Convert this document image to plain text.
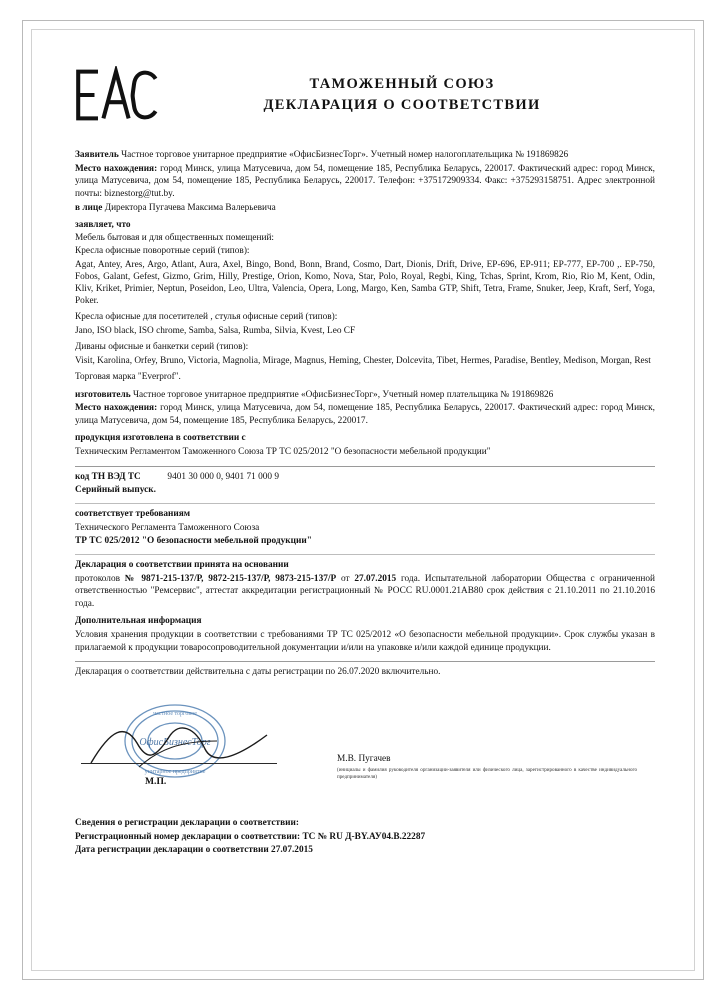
ТАМОЖЕННЫЙ СОЮЗ
ДЕКЛАРАЦИЯ О СООТВЕТСТВИИ
Заявитель Частное торговое унитарное предприятие «ОфисБизнесТорг». Учетный номер налогоплательщика № 191869826
Место нахождения: город Минск, улица Матусевича, дом 54, помещение 185, Республика Беларусь, 220017. Фактический адрес: город Минск, улица Матусевича, дом 54, помещение 185, Республика Беларусь, 220017. Телефон: +375172909334. Факс: +375293158751. Адрес электронной почты: biznestorg@tut.by.
в лице Директора Пугачева Максима Валерьевича
заявляет, что
Мебель бытовая и для общественных помещений:
Кресла офисные поворотные серий (типов):
Agat, Antey, Ares, Argo, Atlant, Aura, Axel, Bingo, Bond, Bonn, Brand, Cosmo, Dart, Dionis, Drift, Drive, EP-696, EP-911; EP-777, EP-700 ,. EP-750, Fobos, Galant, Gefest, Gizmo, Grim, Hilly, Prestige, Orion, Komo, Nova, Star, Polo, Royal, Regbi, King, Tchas, Sprint, Krom, Rio, Rio M, Kent, Odin, Kliv, Kriket, Primier, Neptun, Poseidon, Leo, Ultra, Valencia, Opera, Long, Margo, Ken, Samba GTP, Shift, Tetra, Frame, Snuker, Jeep, Kraft, Serf, Yoga, Poker.
Кресла офисные для посетителей , стулья офисные серий (типов):
Jano, ISO black, ISO chrome, Samba, Salsa, Rumba, Silvia, Kvest, Leo CF
Диваны офисные и банкетки серий (типов):
Visit, Karolina, Orfey, Bruno, Victoria, Magnolia, Mirage, Magnus, Heming, Chester, Dolcevita, Tibet, Hermes, Paradise, Bentley, Medison, Morgan, Rest
Торговая марка "Everprof".
изготовитель Частное торговое унитарное предприятие «ОфисБизнесТорг», Учетный номер плательщика № 191869826
Место нахождения: город Минск, улица Матусевича, дом 54, помещение 185, Республика Беларусь, 220017. Фактический адрес: город Минск, улица Матусевича, дом 54, помещение 185, Республика Беларусь, 220017.
продукция изготовлена в соответствии с
Техническим Регламентом Таможенного Союза ТР ТС 025/2012 "О безопасности мебельной продукции"
код ТН ВЭД ТС	9401 30 000 0, 9401 71 000 9
Серийный выпуск.
соответствует требованиям
Технического Регламента Таможенного Союза
ТР ТС 025/2012 "О безопасности мебельной продукции"
Декларация о соответствии принята на основании
протоколов № 9871-215-137/Р, 9872-215-137/Р, 9873-215-137/Р от 27.07.2015 года. Испытательной лаборатории Общества с ограниченной ответственностью "Ремсервис", аттестат аккредитации регистрационный № РОСС RU.0001.21АВ80 срок действия с 21.10.2011 по 21.10.2016 года.
Дополнительная информация
Условия хранения продукции в соответствии с требованиями ТР ТС 025/2012 «О безопасности мебельной продукции». Срок службы указан в прилагаемой к продукции товаросопроводительной документации и/или на упаковке и/или каждой единице продукции.
Декларация о соответствии действительна с даты регистрации по 26.07.2020 включительно.
частное торговое
ОфисБизнесТорг
унитарное предприятие
М.П.
М.В. Пугачев
(инициалы и фамилия руководителя организации-заявителя или физического лица, зарегистрированного в качестве индивидуального предпринимателя)
Сведения о регистрации декларации о соответствии:
Регистрационный номер декларации о соответствии: ТС № RU Д-BY.АУ04.В.22287
Дата регистрации декларации о соответствии 27.07.2015
